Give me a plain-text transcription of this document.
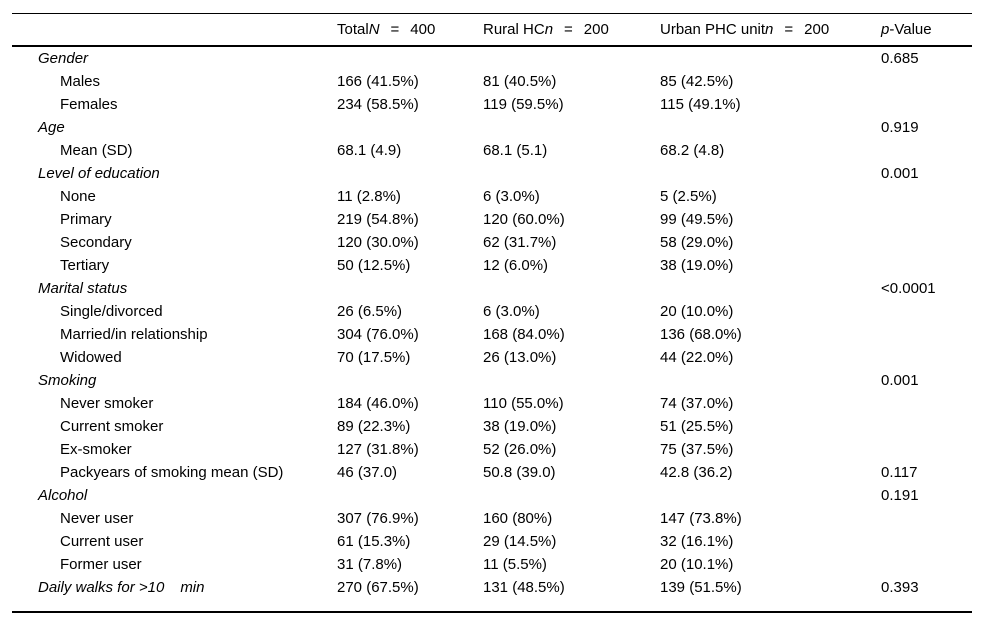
	TotalN = 400	Rural HCn = 200	Urban PHC unitn = 200	p-Value
Gender				0.685
Males	166 (41.5%)	81 (40.5%)	85 (42.5%)	
Females	234 (58.5%)	119 (59.5%)	115 (49.1%)	
Age				0.919
Mean (SD)	68.1 (4.9)	68.1 (5.1)	68.2 (4.8)	
Level of education				0.001
None	11 (2.8%)	6 (3.0%)	5 (2.5%)	
Primary	219 (54.8%)	120 (60.0%)	99 (49.5%)	
Secondary	120 (30.0%)	62 (31.7%)	58 (29.0%)	
Tertiary	50 (12.5%)	12 (6.0%)	38 (19.0%)	
Marital status				<0.0001
Single/divorced	26 (6.5%)	6 (3.0%)	20 (10.0%)	
Married/in relationship	304 (76.0%)	168 (84.0%)	136 (68.0%)	
Widowed	70 (17.5%)	26 (13.0%)	44 (22.0%)	
Smoking				0.001
Never smoker	184 (46.0%)	110 (55.0%)	74 (37.0%)	
Current smoker	89 (22.3%)	38 (19.0%)	51 (25.5%)	
Ex-smoker	127 (31.8%)	52 (26.0%)	75 (37.5%)	
Packyears of smoking mean (SD)	46 (37.0)	50.8 (39.0)	42.8 (36.2)	0.117
Alcohol				0.191
Never user	307 (76.9%)	160 (80%)	147 (73.8%)	
Current user	61 (15.3%)	29 (14.5%)	32 (16.1%)	
Former user	31 (7.8%)	11 (5.5%)	20 (10.1%)	
Daily walks for >10 min	270 (67.5%)	131 (48.5%)	139 (51.5%)	0.393
